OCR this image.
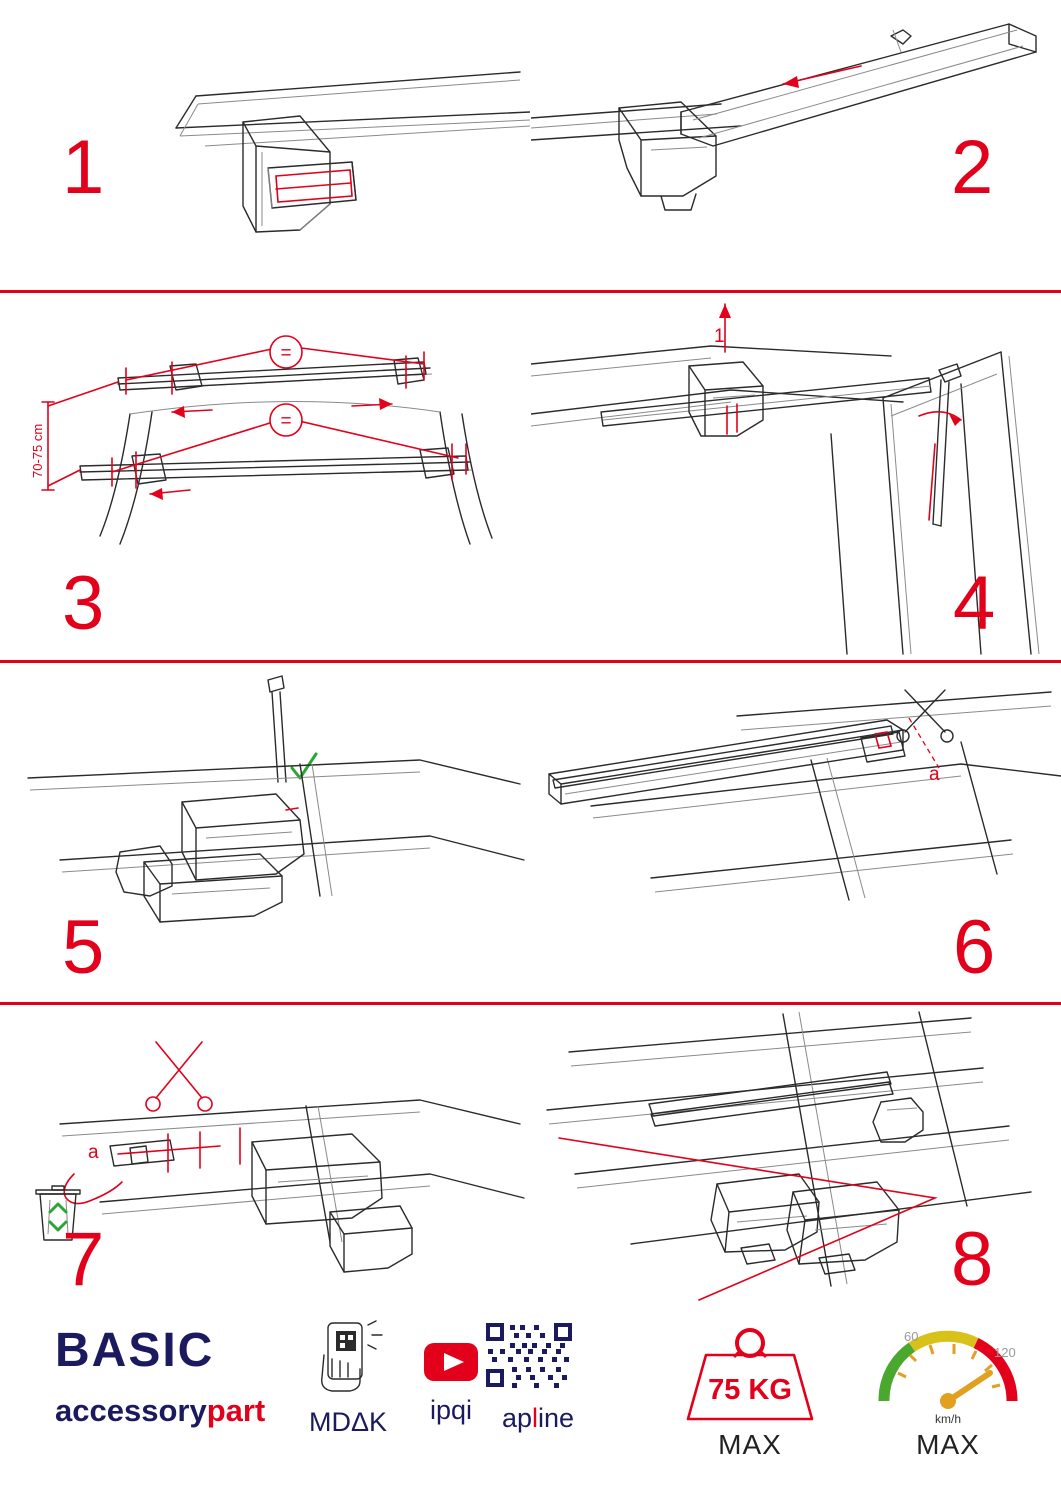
1	2
=
=
70-75 cm
3
1
4
5
a
6
a
7	8
BASIC
accessorypart	MDΔK	ipqi	apline
75 KG
MAX
60
120
km/h
MAX
